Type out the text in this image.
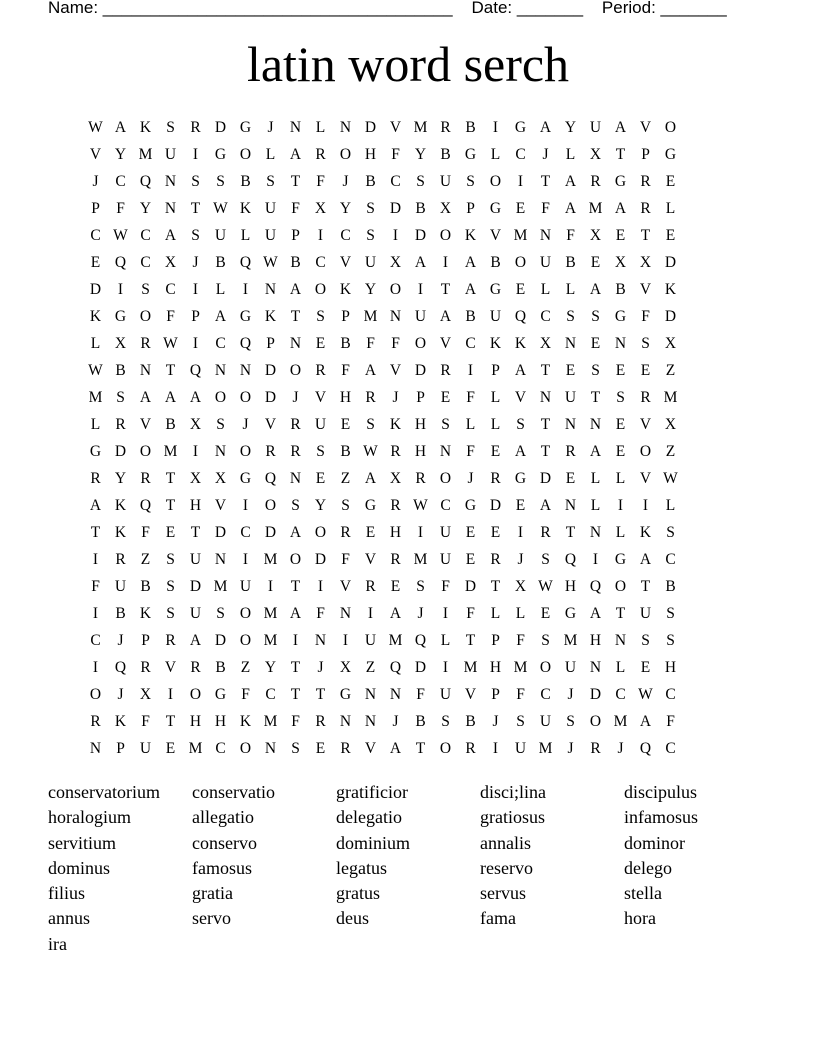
Name: _____________________________________    Date: _______    Period: _______
latin word serch
W A K S	R D G	J	N L N D V M R B	I	G A Y U A V O
V Y M U	I	G O L A R O H F Y B G L C	J	L X T	P G
J	C Q N S	S	B	S	T	F	J	B C	S U S O	I	T A R G R E
P	F Y N T W K U F X Y S D B X P G E	F A M A R L
C W C A S U L U P	I	C	S	I	D O K V M N F X E	T	E
E Q C X	J	B Q W B C V U X A	I	A B O U B E X X D
D	I	S	C	I	L	I	N A O K Y O	I	T A G E	L	L A B V K
K G O F	P A G K T	S	P M N U A B U Q C	S	S G F D
L X R W I	C Q P N E B	F	F O V C K K X N E N S X
W B N T Q N N D O R	F A V D R	I	P A T	E	S	E	E	Z
M S A A A O O D	J	V H R	J	P	E	F	L V N U T	S	R M
L R V B X S	J	V R U E	S K H S	L	L	S	T N N E V X
G D O M	I	N O R R	S	B W R H N F	E A T R A E O Z
R Y R T X X G Q N E	Z A X R O	J	R G D E	L	L V W
A K Q T H V	I	O S Y S G R W C G D E A N L	I	I	L
T K F	E	T D C D A O R E H	I	U E	E	I	R T N L K S
I	R Z	S U N	I	M O D F V R M U E R	J	S Q	I	G A C
F U B	S D M U	I	T	I	V R E	S	F D T X W H Q O T B
I	B K S U S O M A F N	I	A	J	I	F	L	L	E G A T U S
C	J	P	R A D O M	I	N	I	U M Q L	T	P	F	S M H N S	S
I	Q R V R B Z Y T	J	X Z Q D	I	M H M O U N L	E H
O	J	X	I	O G F	C T	T G N N F U V P	F	C	J	D C W C
R K F	T H H K M F	R N N	J	B	S	B	J	S U S O M A F
N P U E M C O N S	E R V A T O R	I	U M J	R	J	Q C
conservatorium	conservatio	gratificior	disci;lina	discipulus
horalogium	allegatio	delegatio	gratiosus	infamosus
servitium	conservo	dominium	annalis	dominor
dominus	famosus	legatus	reservo	delego
filius	gratia	gratus	servus	stella
annus	servo	deus	fama	hora
ira
